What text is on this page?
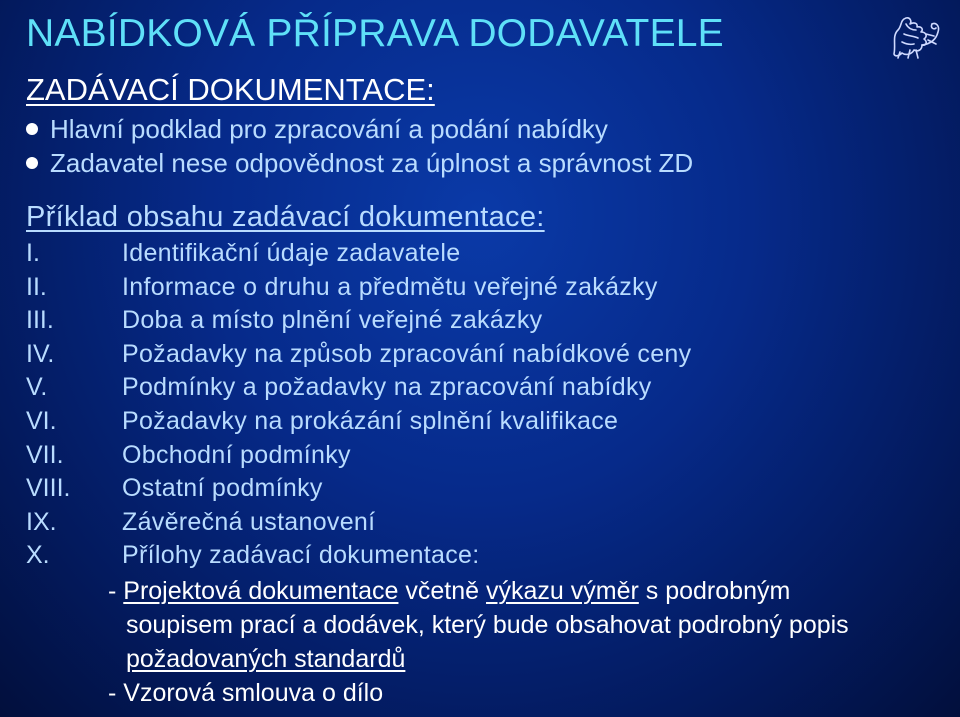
NABÍDKOVÁ PŘÍPRAVA DODAVATELE
ZADÁVACÍ DOKUMENTACE:
Hlavní podklad pro zpracování a podání nabídky
Zadavatel nese odpovědnost za úplnost a správnost ZD
Příklad obsahu zadávací dokumentace:
I.	Identifikační údaje zadavatele
II.	Informace o druhu a předmětu veřejné zakázky
III.	Doba a místo plnění veřejné zakázky
IV.	Požadavky na způsob zpracování nabídkové ceny
V.	Podmínky a požadavky na zpracování nabídky
VI.	Požadavky na prokázání splnění kvalifikace
VII. Obchodní podmínky
VIII. Ostatní podmínky
IX.	Závěrečná ustanovení
X.	Přílohy zadávací dokumentace:
- Projektová dokumentace včetně výkazu výměr s podrobným
soupisem prací a dodávek, který bude obsahovat podrobný popis
požadovaných standardů
- Vzorová smlouva o dílo
